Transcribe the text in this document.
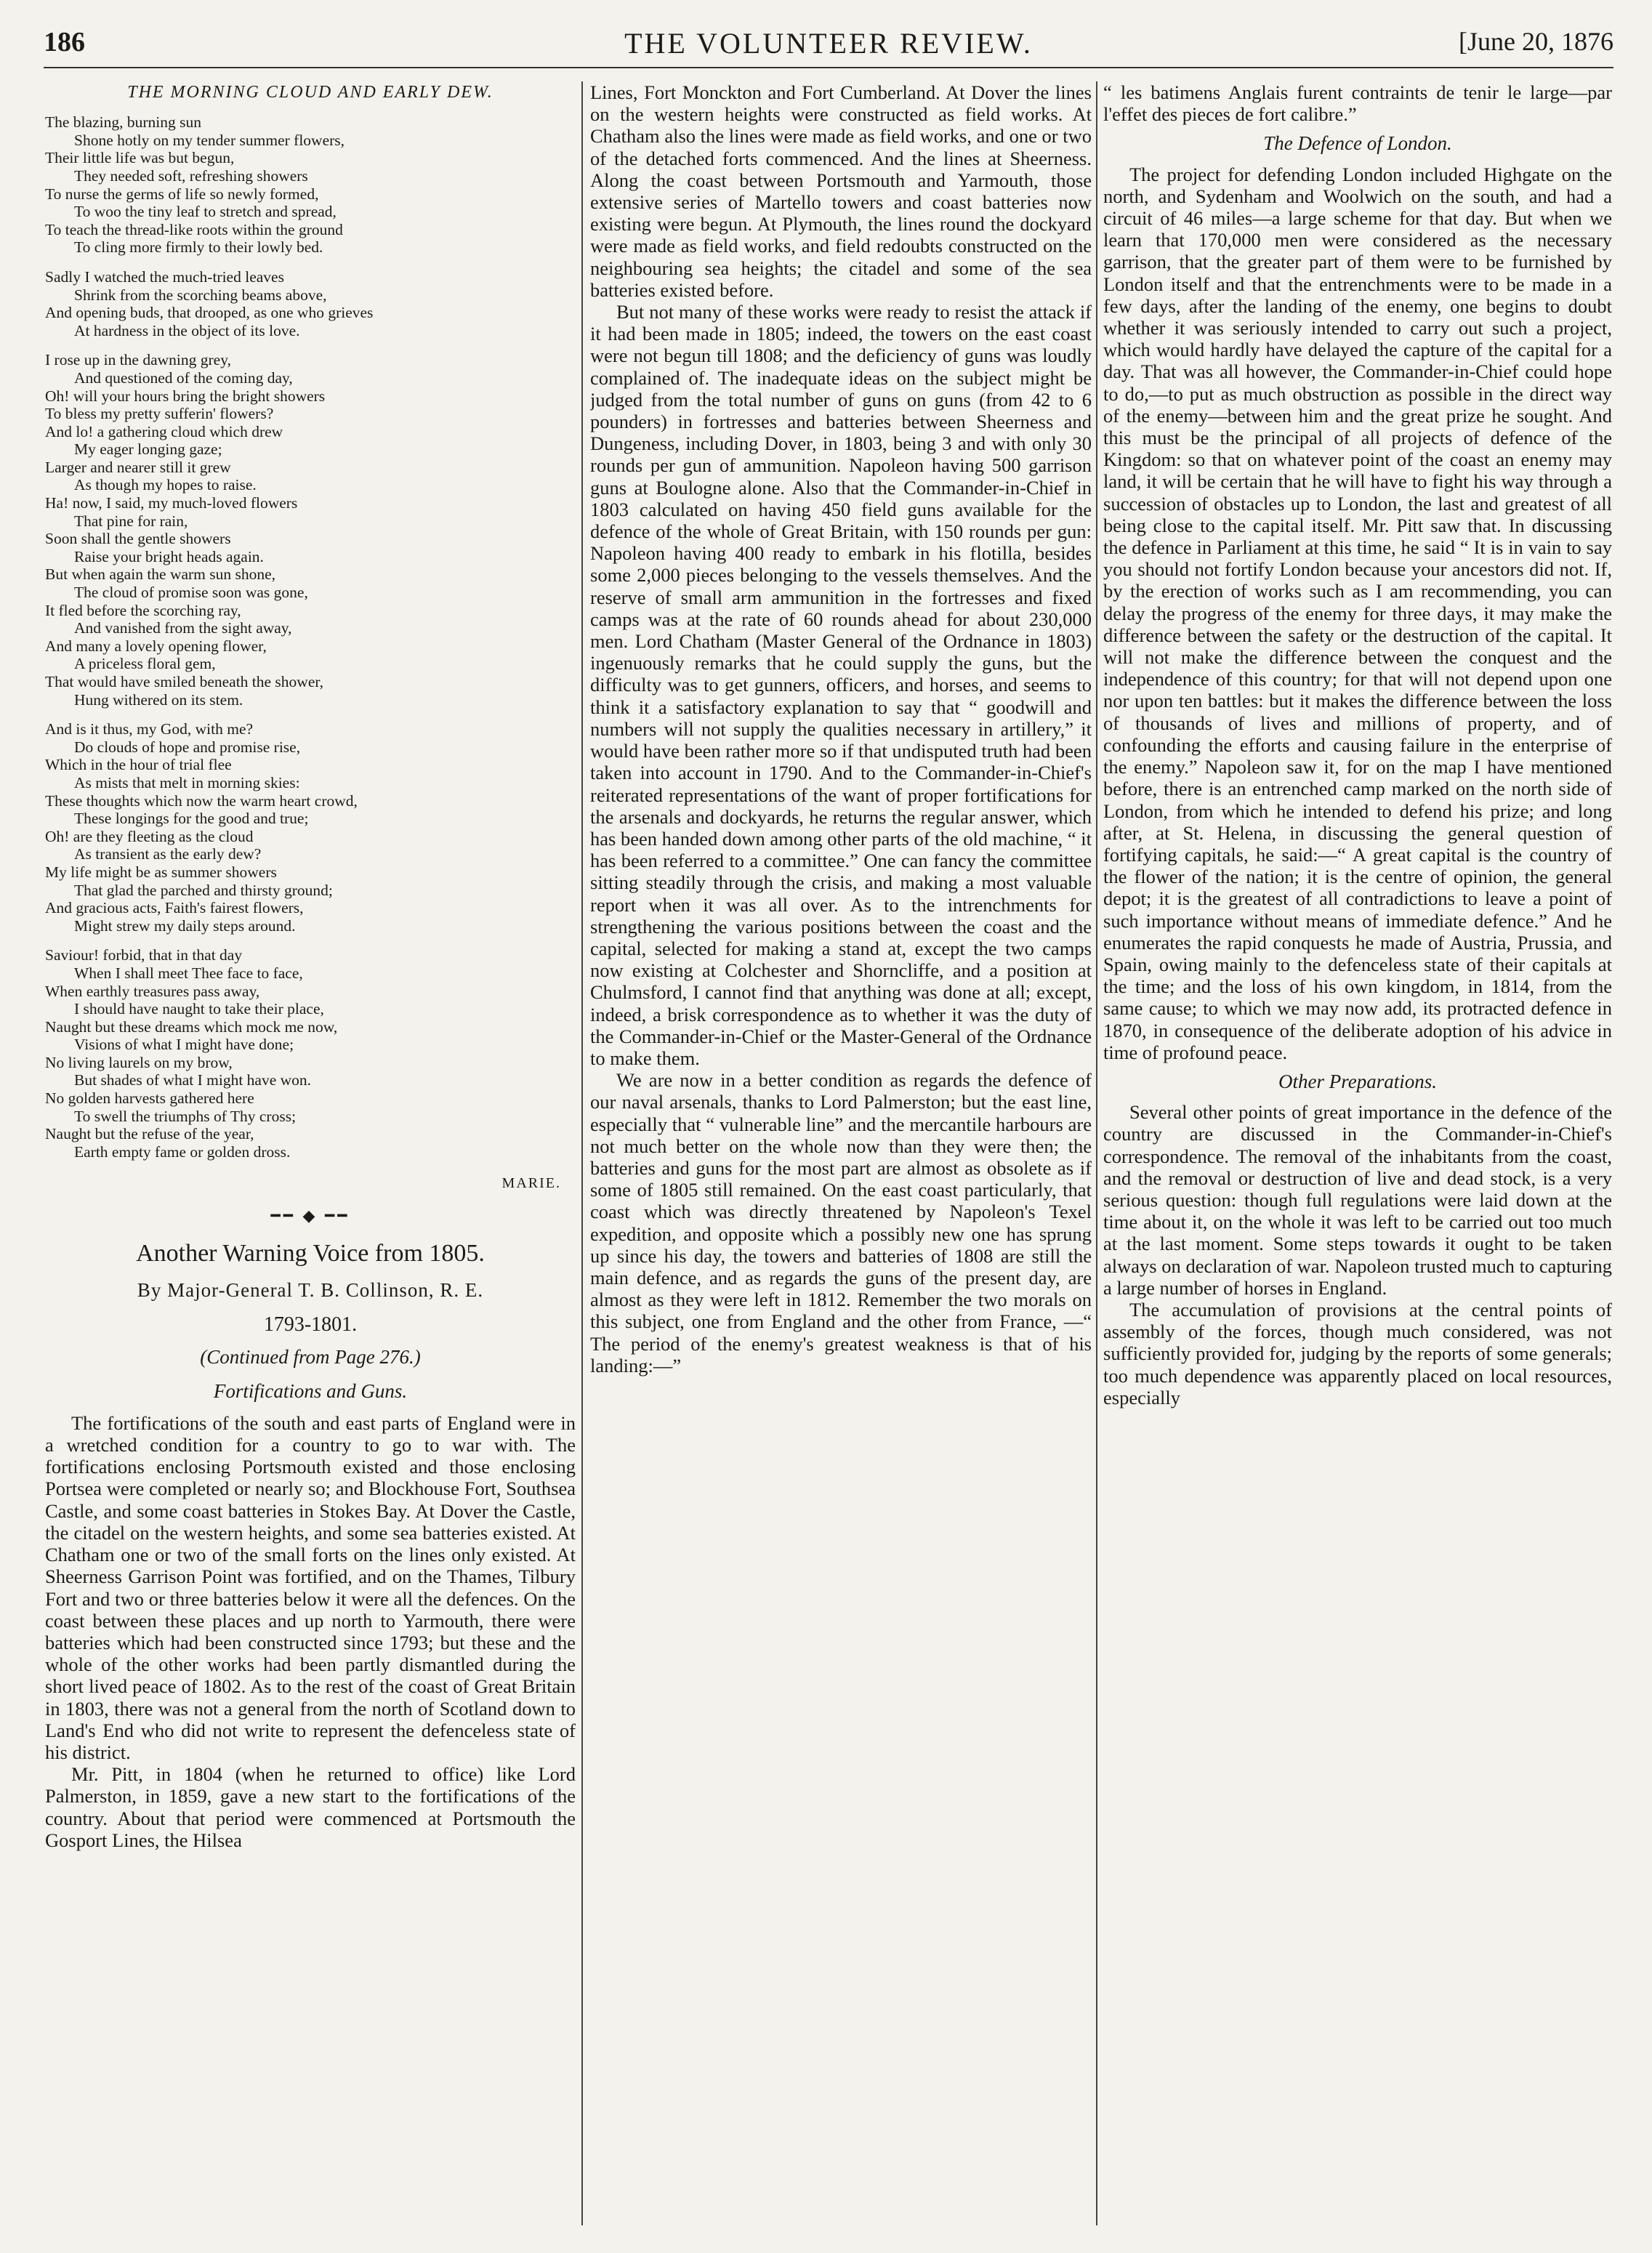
186	THE VOLUNTEER REVIEW.	[June 20, 1876
THE MORNING CLOUD AND EARLY DEW.
The blazing, burning sun
Shone hotly on my tender summer flowers,
Their little life was but begun,
They needed soft, refreshing showers
To nurse the germs of life so newly formed,
To woo the tiny leaf to stretch and spread,
To teach the thread-like roots within the ground
To cling more firmly to their lowly bed.
Sadly I watched the much-tried leaves
Shrink from the scorching beams above,
And opening buds, that drooped, as one who grieves
At hardness in the object of its love.
I rose up in the dawning grey,
And questioned of the coming day,
Oh! will your hours bring the bright showers
To bless my pretty sufferin' flowers?
And lo! a gathering cloud which drew
My eager longing gaze;
Larger and nearer still it grew
As though my hopes to raise.
Ha! now, I said, my much-loved flowers
That pine for rain,
Soon shall the gentle showers
Raise your bright heads again.
But when again the warm sun shone,
The cloud of promise soon was gone,
It fled before the scorching ray,
And vanished from the sight away,
And many a lovely opening flower,
A priceless floral gem,
That would have smiled beneath the shower,
Hung withered on its stem.
And is it thus, my God, with me?
Do clouds of hope and promise rise,
Which in the hour of trial flee
As mists that melt in morning skies:
These thoughts which now the warm heart crowd,
These longings for the good and true;
Oh! are they fleeting as the cloud
As transient as the early dew?
My life might be as summer showers
That glad the parched and thirsty ground;
And gracious acts, Faith's fairest flowers,
Might strew my daily steps around.
Saviour! forbid, that in that day
When I shall meet Thee face to face,
When earthly treasures pass away,
I should have naught to take their place,
Naught but these dreams which mock me now,
Visions of what I might have done;
No living laurels on my brow,
But shades of what I might have won.
No golden harvests gathered here
To swell the triumphs of Thy cross;
Naught but the refuse of the year,
Earth empty fame or golden dross.
MARIE.
━━ ◆ ━━
Another Warning Voice from 1805.
By Major-General T. B. Collinson, R. E.
1793-1801.
(Continued from Page 276.)
Fortifications and Guns.

The fortifications of the south and east parts of England were in a wretched condition for a country to go to war with. The fortifications enclosing Portsmouth existed and those enclosing Portsea were completed or nearly so; and Blockhouse Fort, Southsea Castle, and some coast batteries in Stokes Bay. At Dover the Castle, the citadel on the western heights, and some sea batteries existed. At Chatham one or two of the small forts on the lines only existed. At Sheerness Garrison Point was fortified, and on the Thames, Tilbury Fort and two or three batteries below it were all the defences. On the coast between these places and up north to Yarmouth, there were batteries which had been constructed since 1793; but these and the whole of the other works had been partly dismantled during the short lived peace of 1802. As to the rest of the coast of Great Britain in 1803, there was not a general from the north of Scotland down to Land's End who did not write to represent the defenceless state of his district.

Mr. Pitt, in 1804 (when he returned to office) like Lord Palmerston, in 1859, gave a new start to the fortifications of the country. About that period were commenced at Portsmouth the Gosport Lines, the Hilsea

Lines, Fort Monckton and Fort Cumberland. At Dover the lines on the western heights were constructed as field works. At Chatham also the lines were made as field works, and one or two of the detached forts commenced. And the lines at Sheerness. Along the coast between Portsmouth and Yarmouth, those extensive series of Martello towers and coast batteries now existing were begun. At Plymouth, the lines round the dockyard were made as field works, and field redoubts constructed on the neighbouring sea heights; the citadel and some of the sea batteries existed before.

But not many of these works were ready to resist the attack if it had been made in 1805; indeed, the towers on the east coast were not begun till 1808; and the deficiency of guns was loudly complained of. The inadequate ideas on the subject might be judged from the total number of guns on guns (from 42 to 6 pounders) in fortresses and batteries between Sheerness and Dungeness, including Dover, in 1803, being 3 and with only 30 rounds per gun of ammunition. Napoleon having 500 garrison guns at Boulogne alone. Also that the Commander-in-Chief in 1803 calculated on having 450 field guns available for the defence of the whole of Great Britain, with 150 rounds per gun: Napoleon having 400 ready to embark in his flotilla, besides some 2,000 pieces belonging to the vessels themselves. And the reserve of small arm ammunition in the fortresses and fixed camps was at the rate of 60 rounds ahead for about 230,000 men. Lord Chatham (Master General of the Ordnance in 1803) ingenuously remarks that he could supply the guns, but the difficulty was to get gunners, officers, and horses, and seems to think it a satisfactory explanation to say that “ goodwill and numbers will not supply the qualities necessary in artillery,” it would have been rather more so if that undisputed truth had been taken into account in 1790. And to the Commander-in-Chief's reiterated representations of the want of proper fortifications for the arsenals and dockyards, he returns the regular answer, which has been handed down among other parts of the old machine, “ it has been referred to a committee.” One can fancy the committee sitting steadily through the crisis, and making a most valuable report when it was all over. As to the intrenchments for strengthening the various positions between the coast and the capital, selected for making a stand at, except the two camps now existing at Colchester and Shorncliffe, and a position at Chulmsford, I cannot find that anything was done at all; except, indeed, a brisk correspondence as to whether it was the duty of the Commander-in-Chief or the Master-General of the Ordnance to make them.

We are now in a better condition as regards the defence of our naval arsenals, thanks to Lord Palmerston; but the east line, especially that “ vulnerable line” and the mercantile harbours are not much better on the whole now than they were then; the batteries and guns for the most part are almost as obsolete as if some of 1805 still remained. On the east coast particularly, that coast which was directly threatened by Napoleon's Texel expedition, and opposite which a possibly new one has sprung up since his day, the towers and batteries of 1808 are still the main defence, and as regards the guns of the present day, are almost as they were left in 1812. Remember the two morals on this subject, one from England and the other from France, —“ The period of the enemy's greatest weakness is that of his landing:—”

“ les batimens Anglais furent contraints de tenir le large—par l'effet des pieces de fort calibre.”

The Defence of London.

The project for defending London included Highgate on the north, and Sydenham and Woolwich on the south, and had a circuit of 46 miles—a large scheme for that day. But when we learn that 170,000 men were considered as the necessary garrison, that the greater part of them were to be furnished by London itself and that the entrenchments were to be made in a few days, after the landing of the enemy, one begins to doubt whether it was seriously intended to carry out such a project, which would hardly have delayed the capture of the capital for a day. That was all however, the Commander-in-Chief could hope to do,—to put as much obstruction as possible in the direct way of the enemy—between him and the great prize he sought. And this must be the principal of all projects of defence of the Kingdom: so that on whatever point of the coast an enemy may land, it will be certain that he will have to fight his way through a succession of obstacles up to London, the last and greatest of all being close to the capital itself. Mr. Pitt saw that. In discussing the defence in Parliament at this time, he said “ It is in vain to say you should not fortify London because your ancestors did not. If, by the erection of works such as I am recommending, you can delay the progress of the enemy for three days, it may make the difference between the safety or the destruction of the capital. It will not make the difference between the conquest and the independence of this country; for that will not depend upon one nor upon ten battles: but it makes the difference between the loss of thousands of lives and millions of property, and of confounding the efforts and causing failure in the enterprise of the enemy.” Napoleon saw it, for on the map I have mentioned before, there is an entrenched camp marked on the north side of London, from which he intended to defend his prize; and long after, at St. Helena, in discussing the general question of fortifying capitals, he said:—“ A great capital is the country of the flower of the nation; it is the centre of opinion, the general depot; it is the greatest of all contradictions to leave a point of such importance without means of immediate defence.” And he enumerates the rapid conquests he made of Austria, Prussia, and Spain, owing mainly to the defenceless state of their capitals at the time; and the loss of his own kingdom, in 1814, from the same cause; to which we may now add, its protracted defence in 1870, in consequence of the deliberate adoption of his advice in time of profound peace.

Other Preparations.

Several other points of great importance in the defence of the country are discussed in the Commander-in-Chief's correspondence. The removal of the inhabitants from the coast, and the removal or destruction of live and dead stock, is a very serious question: though full regulations were laid down at the time about it, on the whole it was left to be carried out too much at the last moment. Some steps towards it ought to be taken always on declaration of war. Napoleon trusted much to capturing a large number of horses in England.

The accumulation of provisions at the central points of assembly of the forces, though much considered, was not sufficiently provided for, judging by the reports of some generals; too much dependence was apparently placed on local resources, especially
